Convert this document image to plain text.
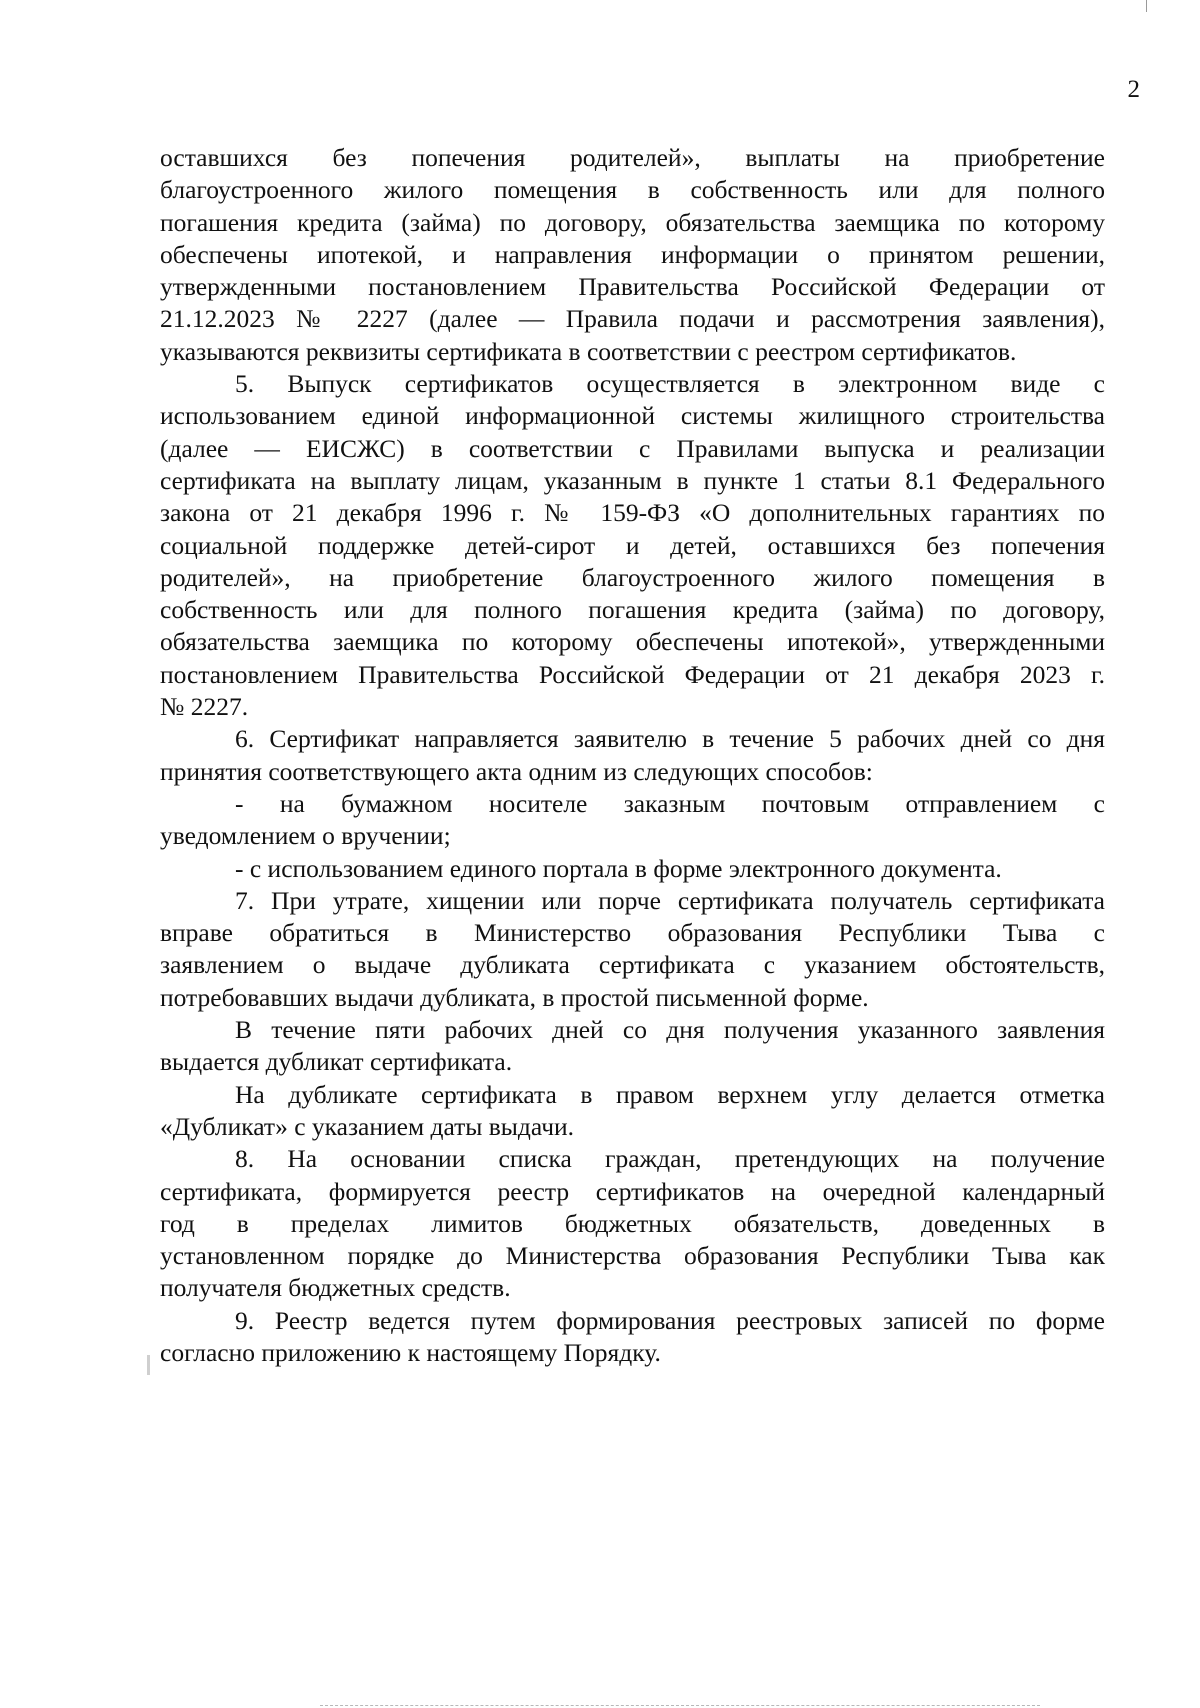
2
оставшихся без попечения родителей», выплаты на приобретение
благоустроенного жилого помещения в собственность или для полного
погашения кредита (займа) по договору, обязательства заемщика по которому
обеспечены ипотекой, и направления информации о принятом решении,
утвержденными постановлением Правительства Российской Федерации от
21.12.2023 № 2227 (далее — Правила подачи и рассмотрения заявления),
указываются реквизиты сертификата в соответствии с реестром сертификатов.
5. Выпуск сертификатов осуществляется в электронном виде с
использованием единой информационной системы жилищного строительства
(далее — ЕИСЖС) в соответствии с Правилами выпуска и реализации
сертификата на выплату лицам, указанным в пункте 1 статьи 8.1 Федерального
закона от 21 декабря 1996 г. № 159-ФЗ «О дополнительных гарантиях по
социальной поддержке детей-сирот и детей, оставшихся без попечения
родителей», на приобретение благоустроенного жилого помещения в
собственность или для полного погашения кредита (займа) по договору,
обязательства заемщика по которому обеспечены ипотекой», утвержденными
постановлением Правительства Российской Федерации от 21 декабря 2023 г.
№ 2227.
6. Сертификат направляется заявителю в течение 5 рабочих дней со дня
принятия соответствующего акта одним из следующих способов:
- на бумажном носителе заказным почтовым отправлением с
уведомлением о вручении;
- с использованием единого портала в форме электронного документа.
7. При утрате, хищении или порче сертификата получатель сертификата
вправе обратиться в Министерство образования Республики Тыва с
заявлением о выдаче дубликата сертификата с указанием обстоятельств,
потребовавших выдачи дубликата, в простой письменной форме.
В течение пяти рабочих дней со дня получения указанного заявления
выдается дубликат сертификата.
На дубликате сертификата в правом верхнем углу делается отметка
«Дубликат» с указанием даты выдачи.
8. На основании списка граждан, претендующих на получение
сертификата, формируется реестр сертификатов на очередной календарный
год в пределах лимитов бюджетных обязательств, доведенных в
установленном порядке до Министерства образования Республики Тыва как
получателя бюджетных средств.
9. Реестр ведется путем формирования реестровых записей по форме
согласно приложению к настоящему Порядку.
